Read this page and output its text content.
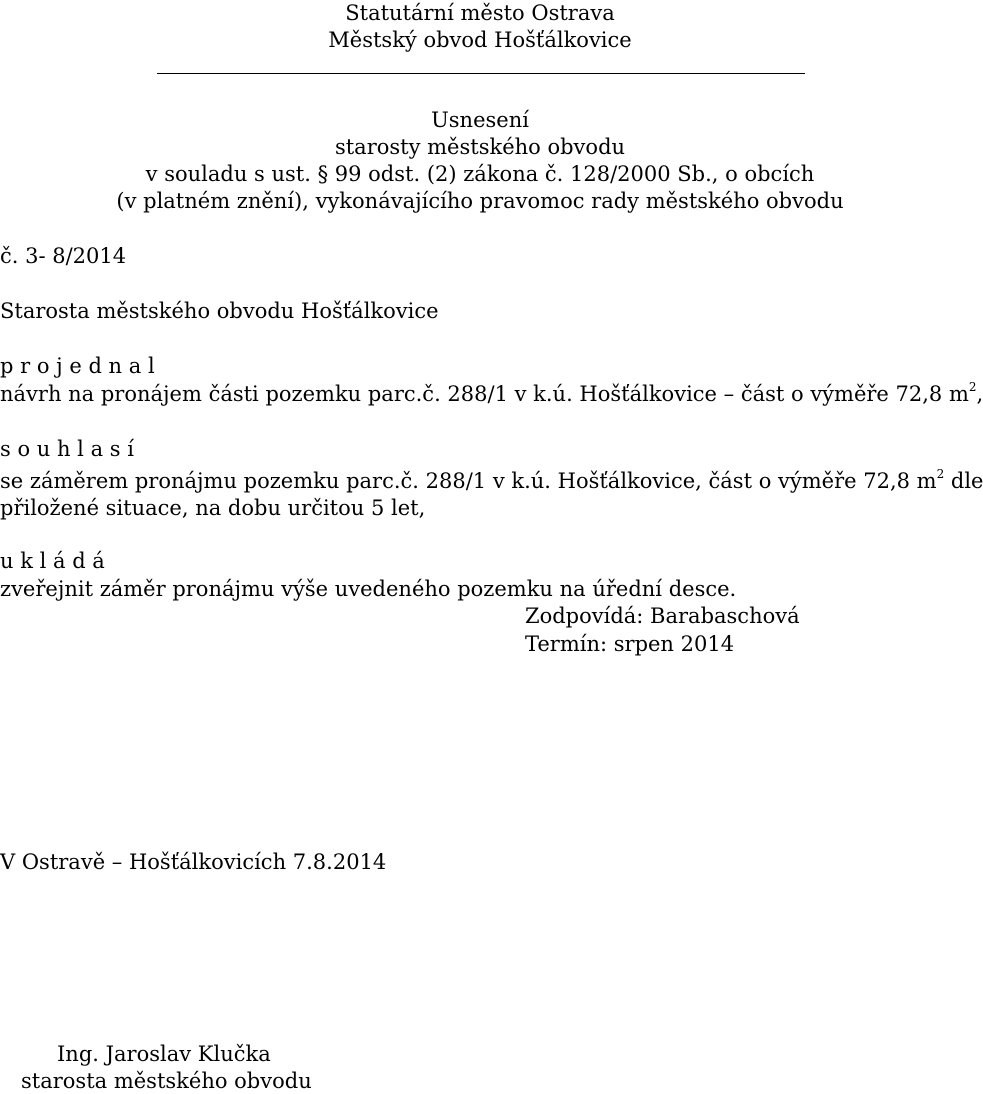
Statutární město Ostrava
Městský obvod Hošťálkovice
Usnesení
starosty městského obvodu
v souladu s ust. § 99 odst. (2) zákona č. 128/2000 Sb., o obcích
(v platném znění), vykonávajícího pravomoc rady městského obvodu
č. 3- 8/2014
Starosta městského obvodu Hošťálkovice
p r o j e d n a l
návrh na pronájem části pozemku parc.č. 288/1 v k.ú. Hošťálkovice – část o výměře 72,8 $m^2$,
s o u h l a s í
se záměrem pronájmu pozemku parc.č. 288/1 v k.ú. Hošťálkovice, část o výměře 72,8 $m^2$ dle
přiložené situace, na dobu určitou 5 let,
u k l á d á
zveřejnit záměr pronájmu výše uvedeného pozemku na úřední desce.
Zodpovídá: Barabaschová
Termín: srpen 2014
V Ostravě – Hošťálkovicích 7.8.2014
Ing. Jaroslav Klučka
starosta městského obvodu
